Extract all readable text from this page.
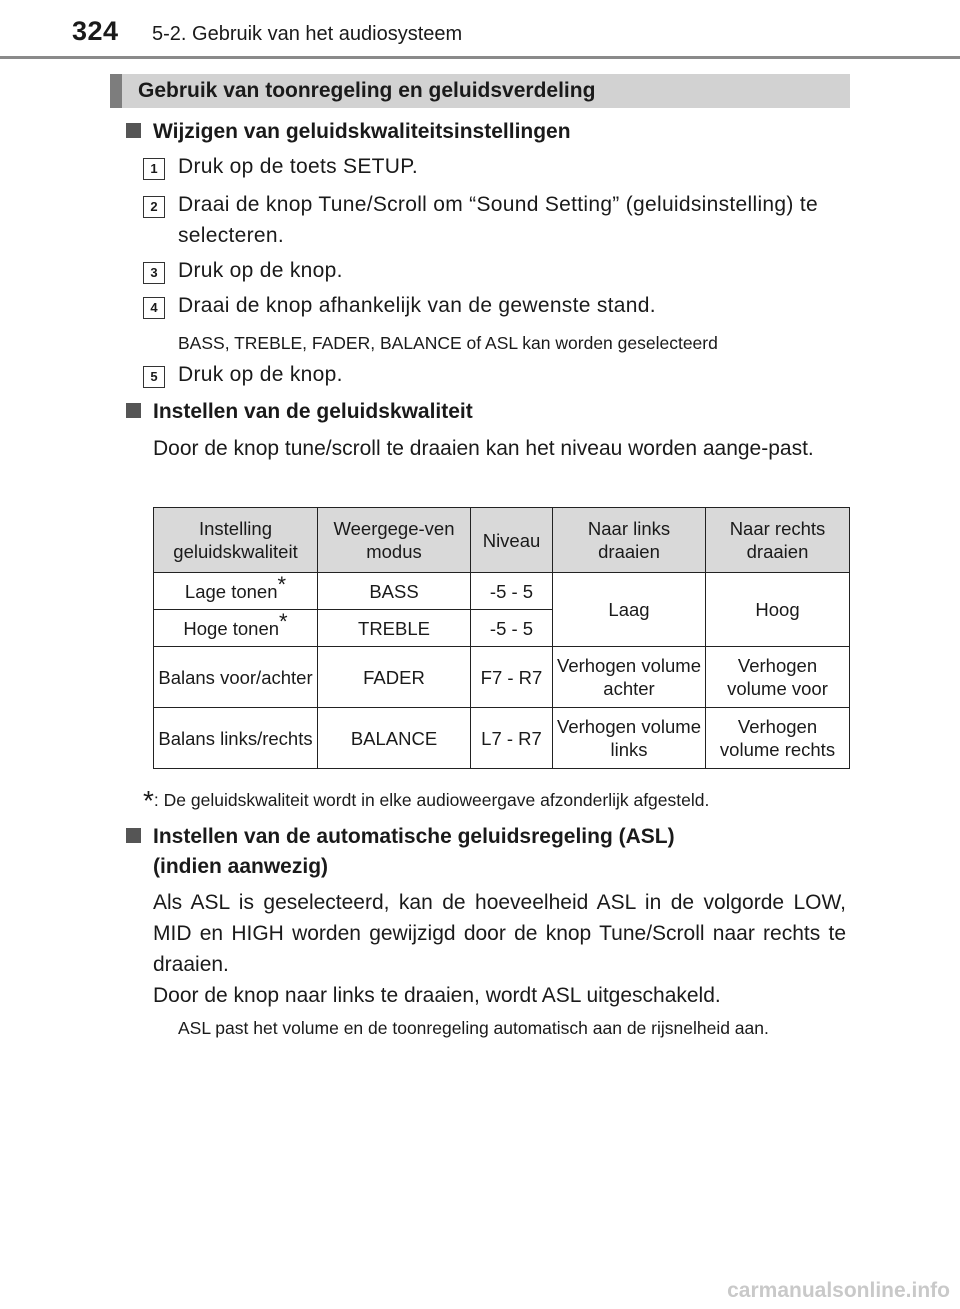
324 5-2. Gebruik van het audiosysteem
Gebruik van toonregeling en geluidsverdeling
Wijzigen van geluidskwaliteitsinstellingen
1 Druk op de toets SETUP.
2 Draai de knop Tune/Scroll om “Sound Setting” (geluidsinstelling) te selecteren.
3 Druk op de knop.
4 Draai de knop afhankelijk van de gewenste stand.
BASS, TREBLE, FADER, BALANCE of ASL kan worden geselecteerd
5 Druk op de knop.
Instellen van de geluidskwaliteit
Door de knop tune/scroll te draaien kan het niveau worden aange-past.
Instelling geluidskwaliteit	Weergege-ven modus	Niveau	Naar links draaien	Naar rechts draaien
Lage tonen*	BASS	-5 - 5	Laag	Hoog
Hoge tonen*	TREBLE	-5 - 5		
Balans voor/achter	FADER	F7 - R7	Verhogen volume achter	Verhogen volume voor
Balans links/rechts	BALANCE	L7 - R7	Verhogen volume links	Verhogen volume rechts
*: De geluidskwaliteit wordt in elke audioweergave afzonderlijk afgesteld.
Instellen van de automatische geluidsregeling (ASL)
(indien aanwezig)
Als ASL is geselecteerd, kan de hoeveelheid ASL in de volgorde LOW, MID en HIGH worden gewijzigd door de knop Tune/Scroll naar rechts te draaien.
Door de knop naar links te draaien, wordt ASL uitgeschakeld.
ASL past het volume en de toonregeling automatisch aan de rijsnelheid aan.
carmanualsonline.info
